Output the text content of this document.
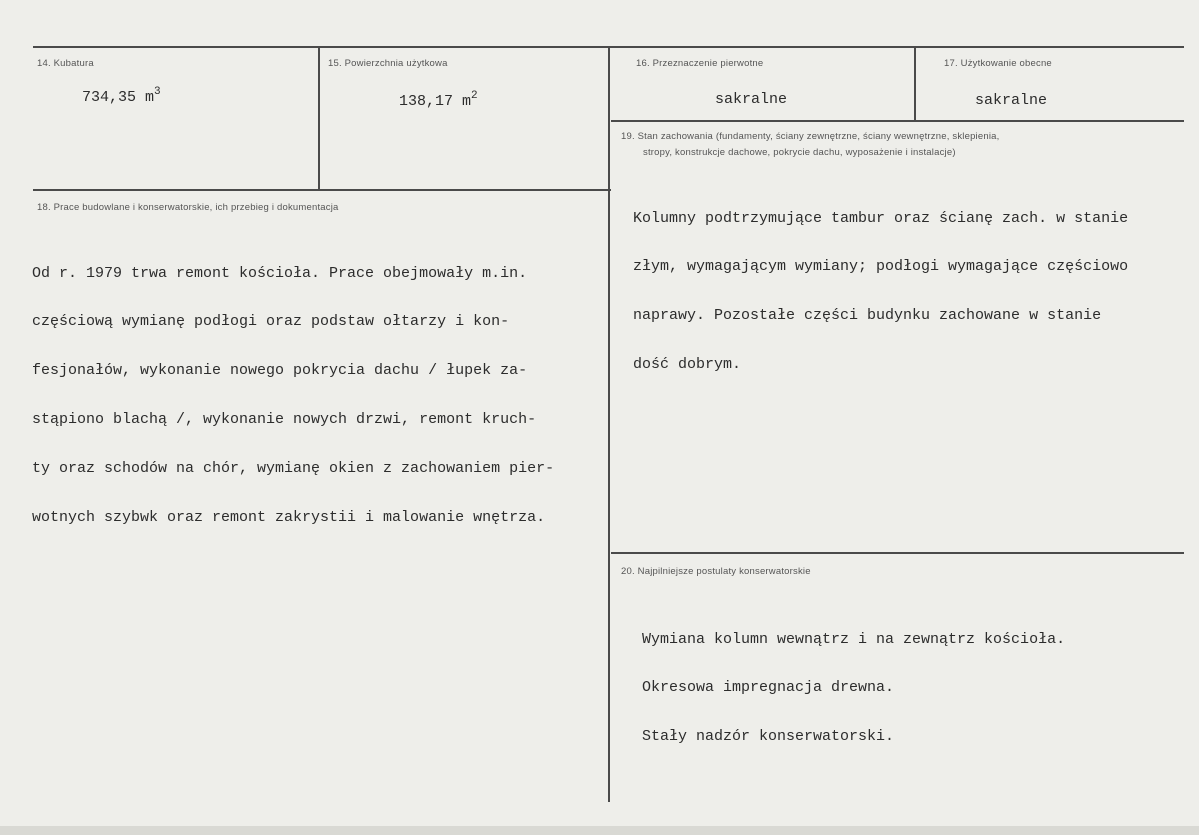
14. Kubatura
734,35 $m^3$
15. Powierzchnia użytkowa
138,17 $m^2$
16. Przeznaczenie pierwotne
sakralne
17. Użytkowanie obecne
sakralne
19. Stan zachowania (fundamenty, ściany zewnętrzne, ściany wewnętrzne, sklepienia,
stropy, konstrukcje dachowe, pokrycie dachu, wyposażenie i instalacje)

Kolumny podtrzymujące tambur oraz ścianę zach. w stanie

złym, wymagającym wymiany; podłogi wymagające częściowo

naprawy. Pozostałe części budynku zachowane w stanie

dość dobrym.

18. Prace budowlane i konserwatorskie, ich przebieg i dokumentacja

Od r. 1979 trwa remont kościoła. Prace obejmowały m.in.

częściową wymianę podłogi oraz podstaw ołtarzy i kon-

fesjonałów, wykonanie nowego pokrycia dachu / łupek za-

stąpiono blachą /, wykonanie nowych drzwi, remont kruch-

ty oraz schodów na chór, wymianę okien z zachowaniem pier-

wotnych szybwk oraz remont zakrystii i malowanie wnętrza.

20. Najpilniejsze postulaty konserwatorskie

Wymiana kolumn wewnątrz i na zewnątrz kościoła.

Okresowa impregnacja drewna.

Stały nadzór konserwatorski.
